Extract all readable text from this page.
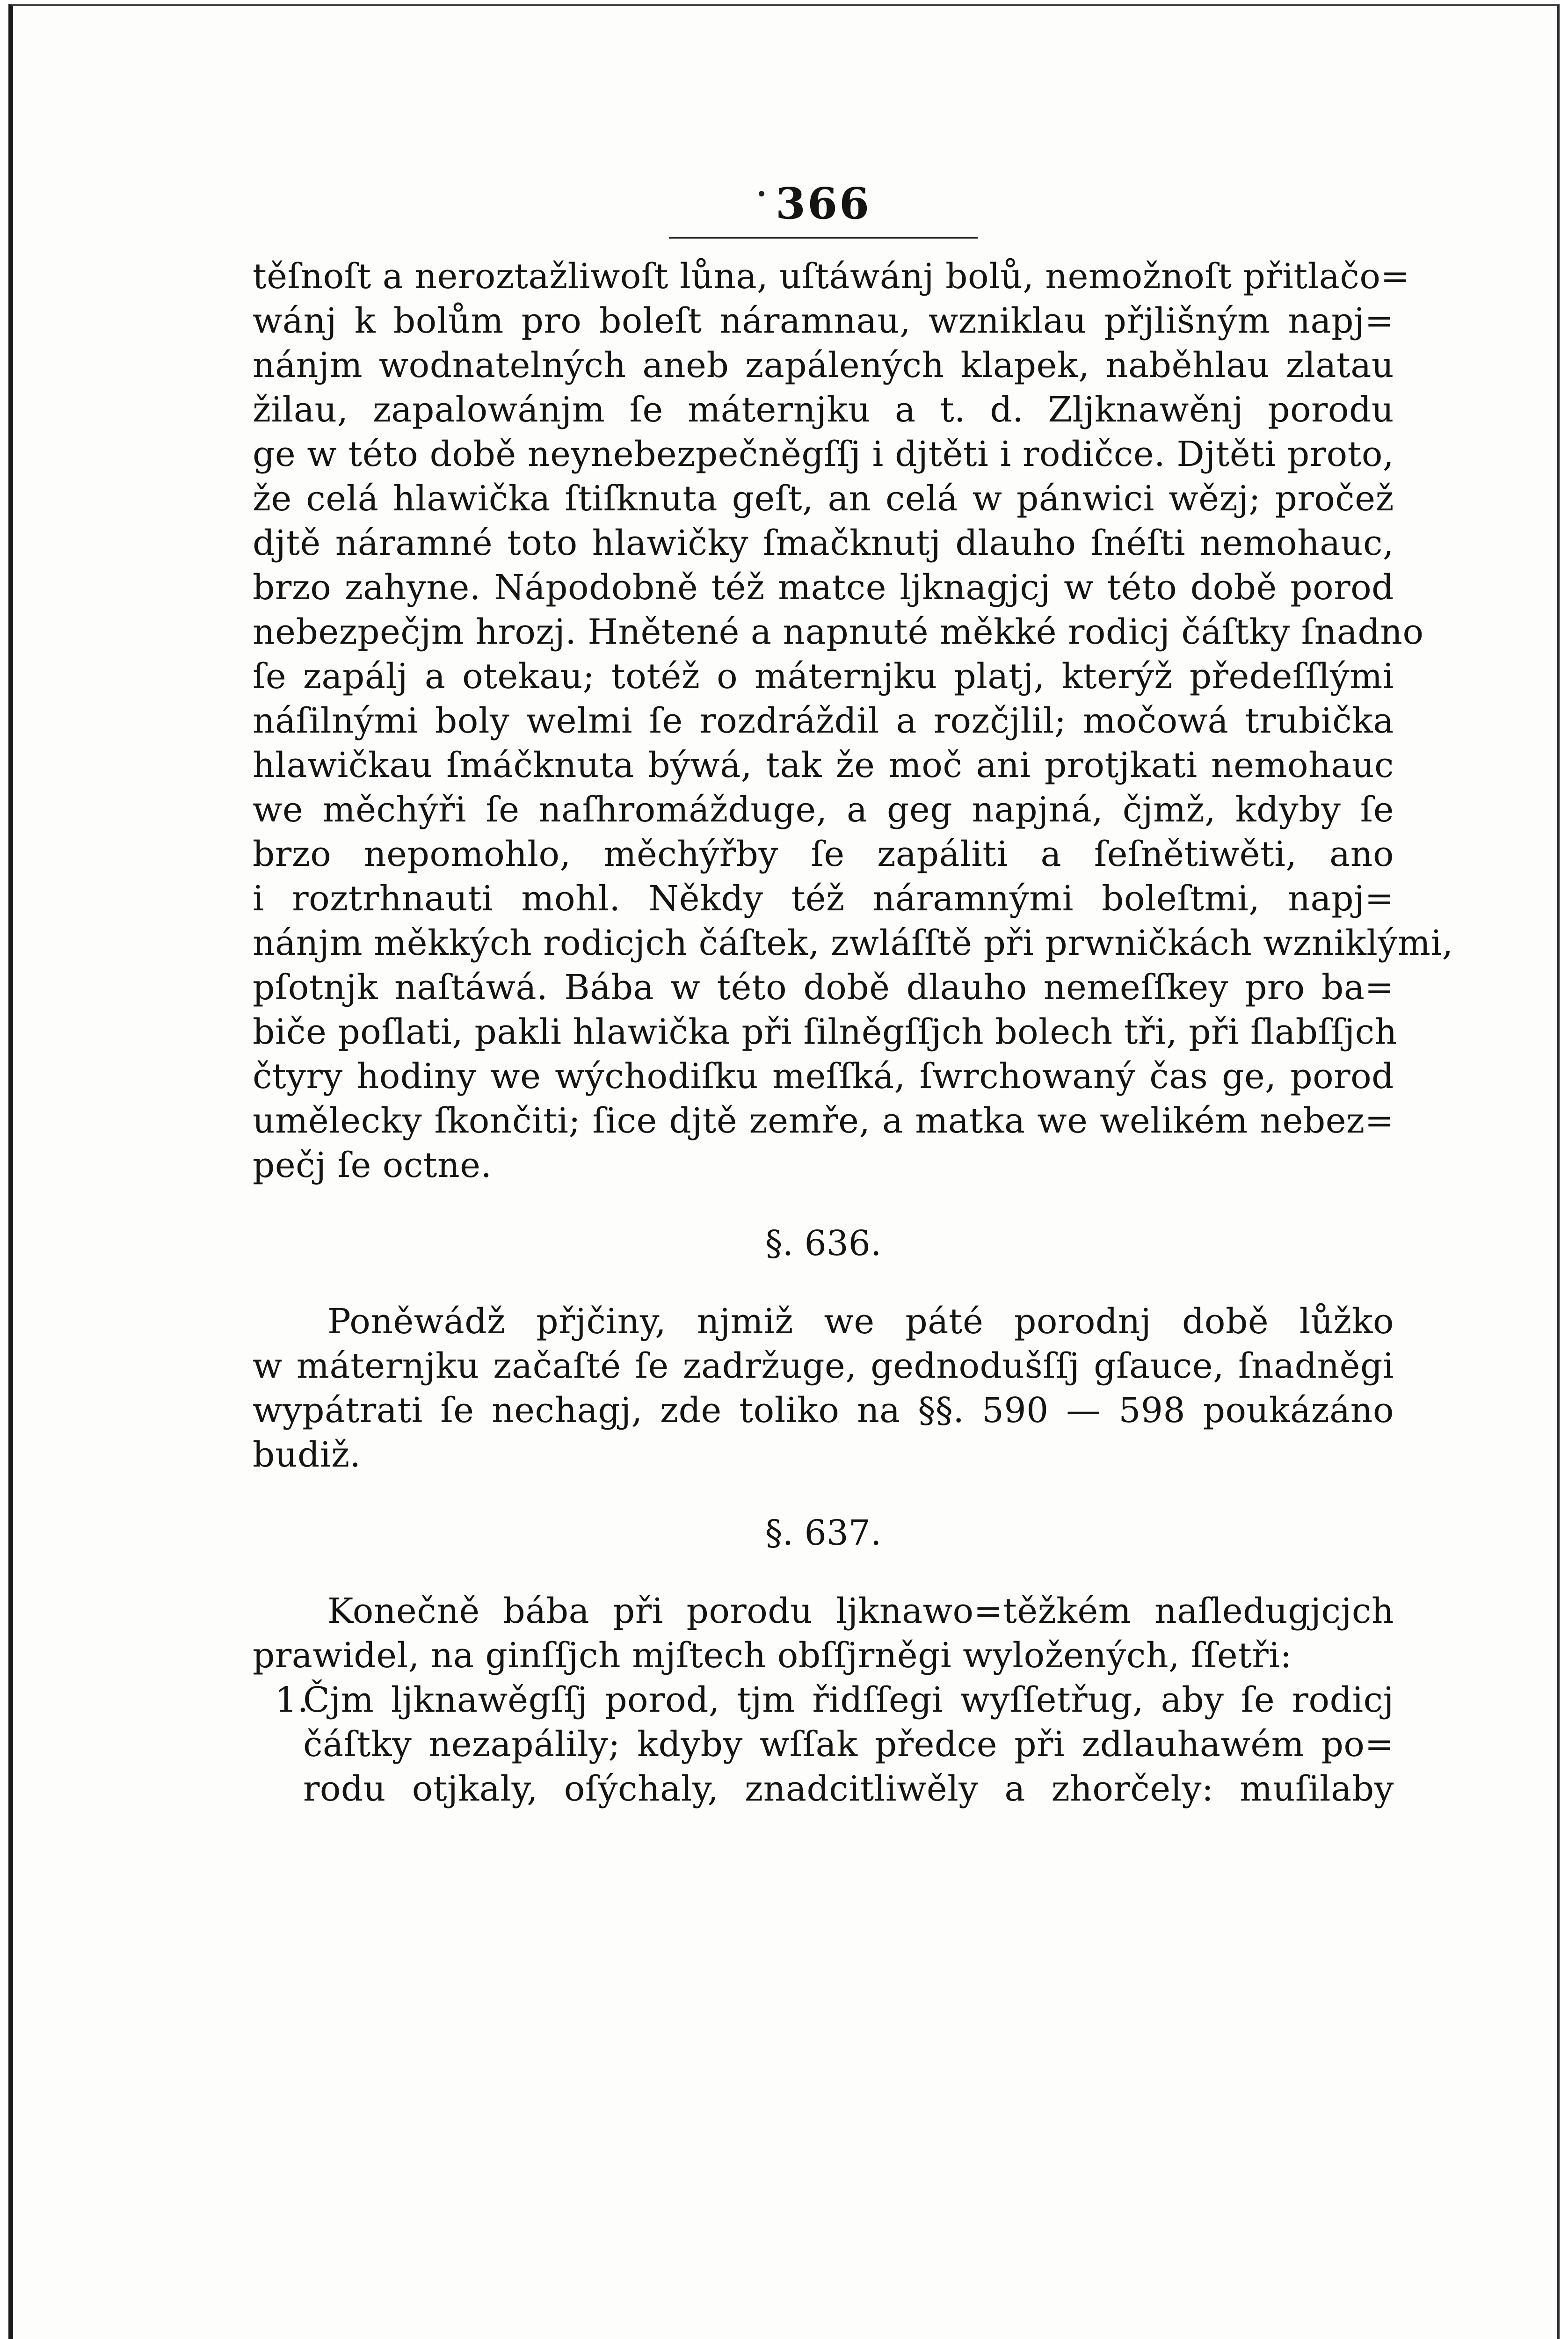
366
těſnoſt a neroztažliwoſt lůna, uſtáwánj bolů, nemožnoſt přitlačo=
wánj k bolům pro boleſt náramnau, wzniklau přjlišným napj=
nánjm wodnatelných aneb zapálených klapek, naběhlau zlatau
žilau, zapalowánjm ſe máternjku a t. d. Zljknawěnj porodu
ge w této době neynebezpečněgſſj i djtěti i rodičce. Djtěti proto,
že celá hlawička ſtiſknuta geſt, an celá w pánwici wězj; pročež
djtě náramné toto hlawičky ſmačknutj dlauho ſnéſti nemohauc,
brzo zahyne. Nápodobně též matce ljknagjcj w této době porod
nebezpečjm hrozj. Hnětené a napnuté měkké rodicj čáſtky ſnadno
ſe zapálj a otekau; totéž o máternjku platj, kterýž předeſſlými
náſilnými boly welmi ſe rozdráždil a rozčjlil; močowá trubička
hlawičkau ſmáčknuta býwá, tak že moč ani protjkati nemohauc
we měchýři ſe naſhromážduge, a geg napjná, čjmž, kdyby ſe
brzo nepomohlo, měchýřby ſe zapáliti a ſeſnětiwěti, ano
i roztrhnauti mohl. Někdy též náramnými boleſtmi, napj=
nánjm měkkých rodicjch čáſtek, zwláſſtě při prwničkách wzniklými,
pſotnjk naſtáwá. Bába w této době dlauho nemeſſkey pro ba=
biče poſlati, pakli hlawička při ſilněgſſjch bolech tři, při ſlabſſjch
čtyry hodiny we wýchodiſku meſſká, ſwrchowaný čas ge, porod
uměleckу ſkončiti; ſice djtě zemře, a matka we welikém nebez=
pečj ſe octne.
§. 636.
Poněwádž přjčiny, njmiž we páté porodnj době lůžko
w máternjku začaſté ſe zadržuge, gednodušſſj gſauce, ſnadněgi
wypátrati ſe nechagj, zde toliko na §§. 590 — 598 poukázáno
budiž.
§. 637.
Konečně bába při porodu ljknawo=těžkém naſledugjcjch
prawidel, na ginſſjch mjſtech obſſjrněgi wyložených, ſſetři:
1.
Čjm ljknawěgſſj porod, tjm řidſſegi wyſſetřug, aby ſe rodicj
čáſtky nezapálily; kdyby wſſak předce při zdlauhawém po=
rodu otjkaly, oſýchaly, znadcitliwěly a zhorčely: muſilaby
